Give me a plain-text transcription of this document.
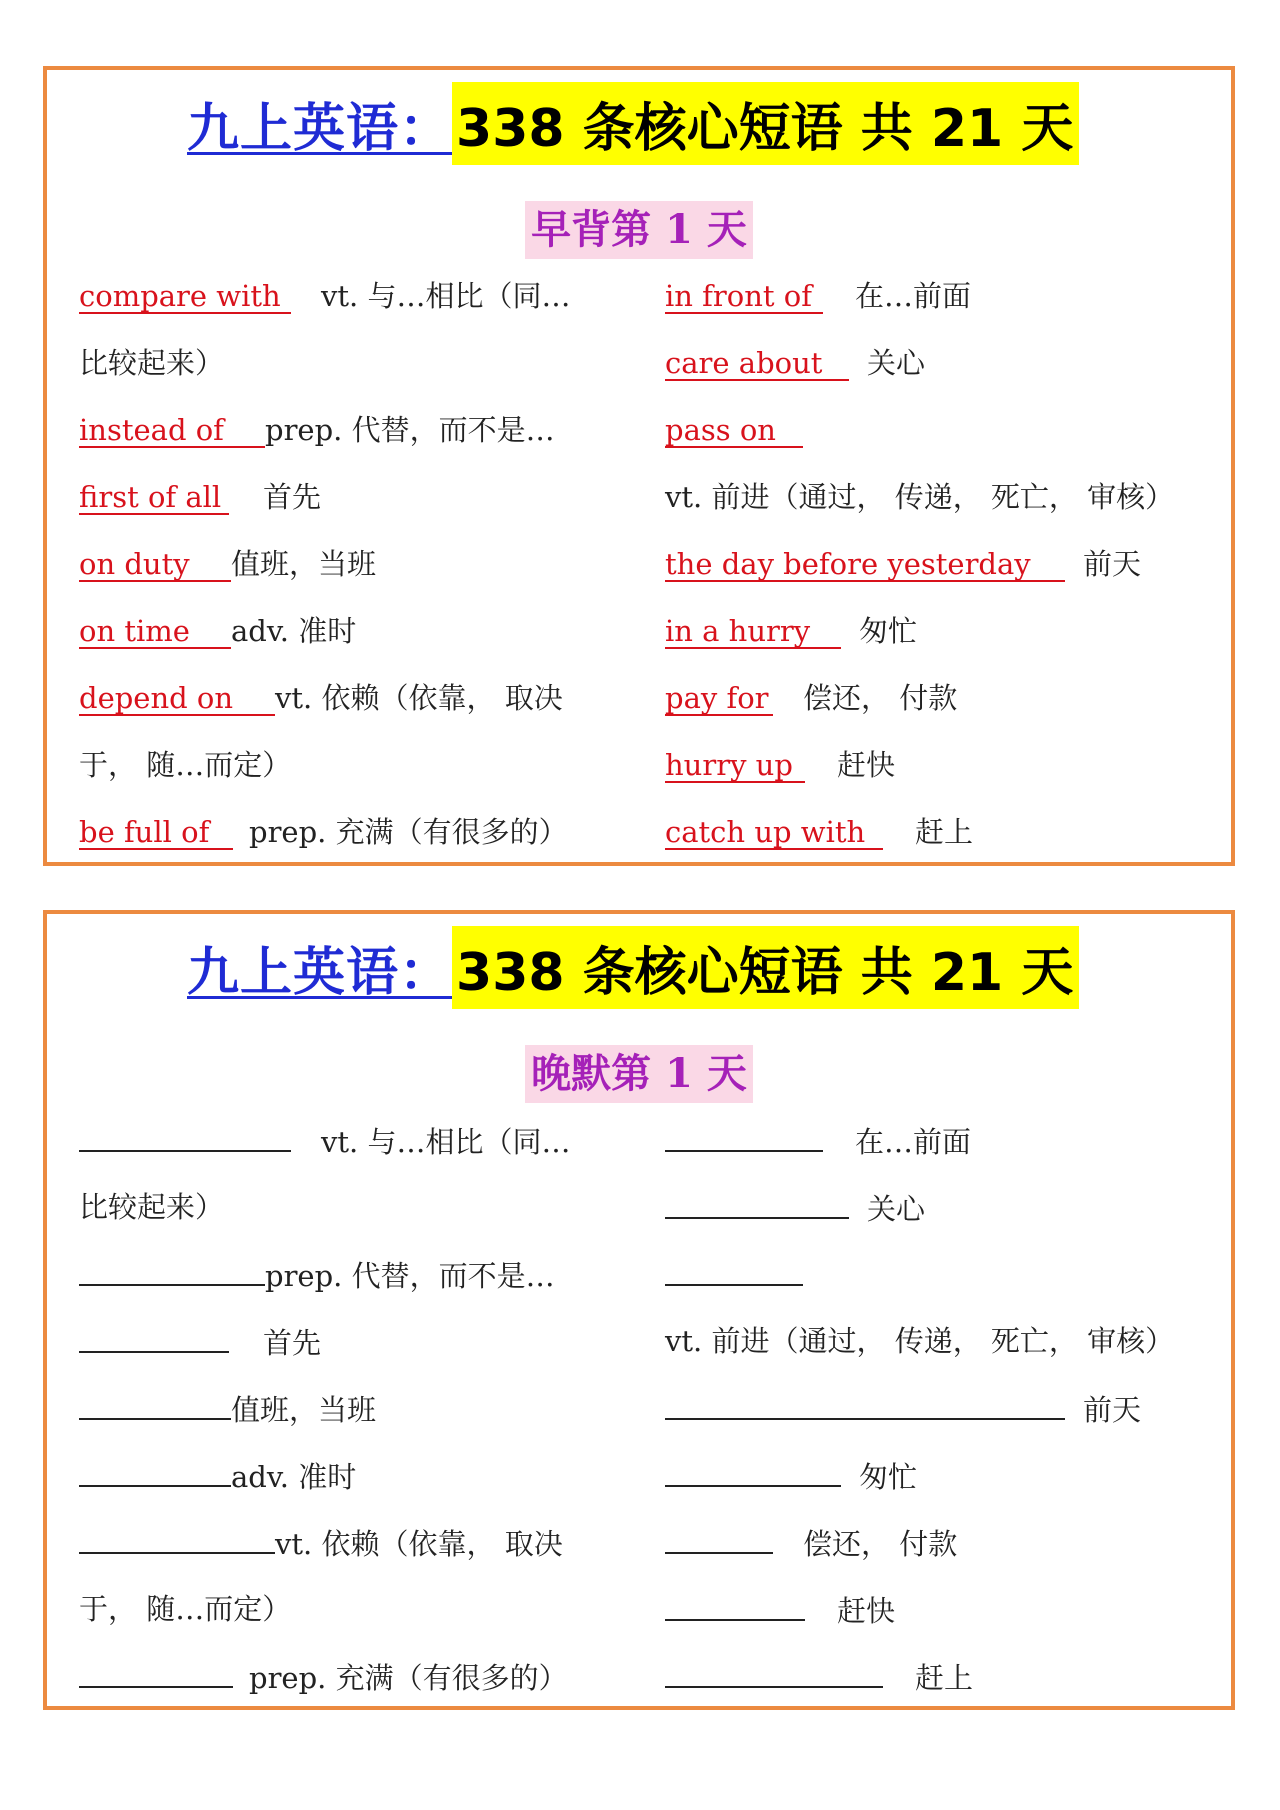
九上英语： 338 条核心短语 共 21 天
早背第 1 天
compare with vt. 与…相比（同…
比较起来）
instead of prep. 代替，而不是…
first of all 首先
on duty 值班，当班
on time adv. 准时
depend on vt. 依赖（依靠， 取决
于， 随…而定）
be full of prep. 充满（有很多的）
in front of 在…前面
care about 关心
pass on
vt. 前进（通过， 传递， 死亡， 审核）
the day before yesterday 前天
in a hurry 匆忙
pay for 偿还， 付款
hurry up 赶快
catch up with 赶上
九上英语： 338 条核心短语 共 21 天
晚默第 1 天
vt. 与…相比（同…
比较起来）
prep. 代替，而不是…
首先
值班，当班
adv. 准时
vt. 依赖（依靠， 取决
于， 随…而定）
prep. 充满（有很多的）
在…前面
关心
vt. 前进（通过， 传递， 死亡， 审核）
前天
匆忙
偿还， 付款
赶快
赶上
